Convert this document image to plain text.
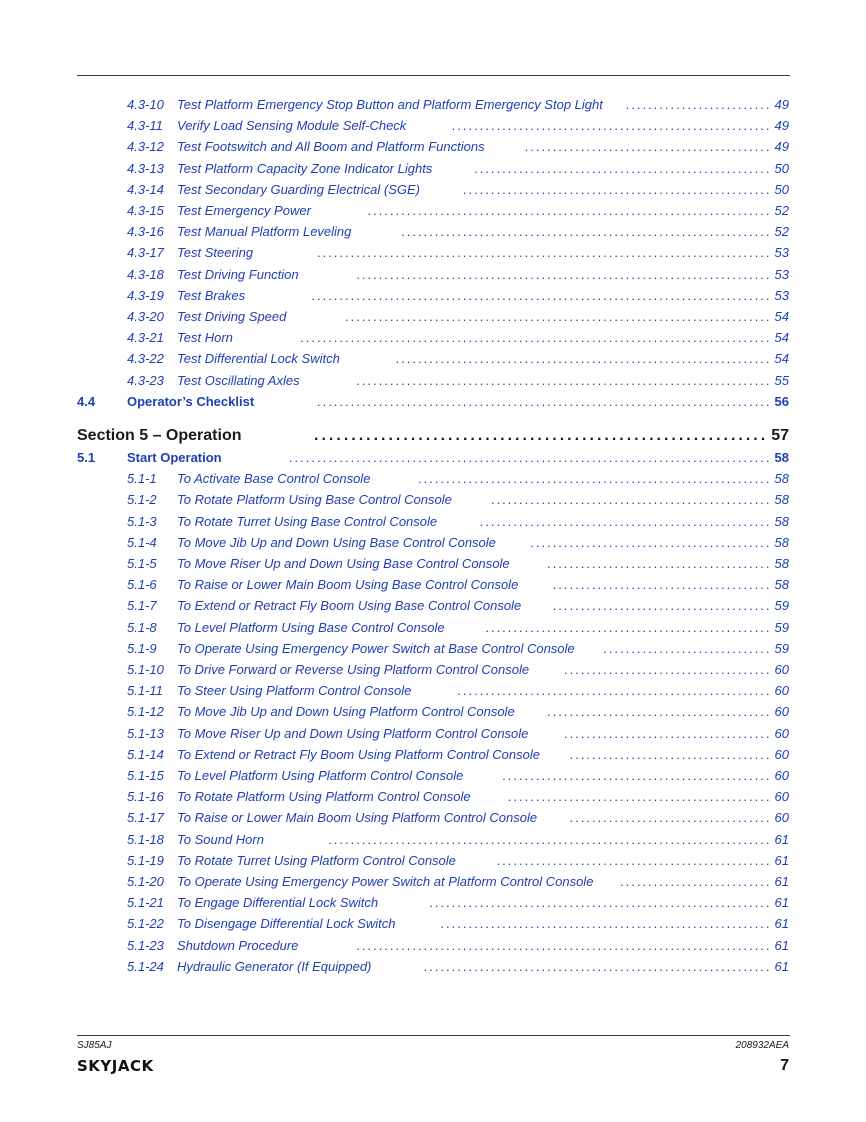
4.3-10 Test Platform Emergency Stop Button and Platform Emergency Stop Light	.......................... 49
4.3-11 Verify Load Sensing Module Self-Check	......................................................... 49
4.3-12 Test Footswitch and All Boom and Platform Functions	............................................ 49
4.3-13 Test Platform Capacity Zone Indicator Lights	..................................................... 50
4.3-14 Test Secondary Guarding Electrical (SGE)	....................................................... 50
4.3-15 Test Emergency Power	........................................................................ 52
4.3-16 Test Manual Platform Leveling	.................................................................. 52
4.3-17 Test Steering	................................................................................. 53
4.3-18 Test Driving Function	.......................................................................... 53
4.3-19 Test Brakes	.................................................................................. 53
4.3-20 Test Driving Speed	............................................................................ 54
4.3-21 Test Horn	.................................................................................... 54
4.3-22 Test Differential Lock Switch	................................................................... 54
4.3-23 Test Oscillating Axles	.......................................................................... 55
4.4 Operator’s Checklist	................................................................................. 56
Section 5 – Operation	............................................................. 57
5.1 Start Operation	...................................................................................... 58
5.1-1 To Activate Base Control Console	............................................................... 58
5.1-2 To Rotate Platform Using Base Control Console	.................................................. 58
5.1-3 To Rotate Turret Using Base Control Console	.................................................... 58
5.1-4 To Move Jib Up and Down Using Base Control Console	........................................... 58
5.1-5 To Move Riser Up and Down Using Base Control Console	........................................ 58
5.1-6 To Raise or Lower Main Boom Using Base Control Console	....................................... 58
5.1-7 To Extend or Retract Fly Boom Using Base Control Console	....................................... 59
5.1-8 To Level Platform Using Base Control Console	................................................... 59
5.1-9 To Operate Using Emergency Power Switch at Base Control Console	.............................. 59
5.1-10 To Drive Forward or Reverse Using Platform Control Console	..................................... 60
5.1-11 To Steer Using Platform Control Console	........................................................ 60
5.1-12 To Move Jib Up and Down Using Platform Control Console	........................................ 60
5.1-13 To Move Riser Up and Down Using Platform Control Console	..................................... 60
5.1-14 To Extend or Retract Fly Boom Using Platform Control Console	.................................... 60
5.1-15 To Level Platform Using Platform Control Console	................................................ 60
5.1-16 To Rotate Platform Using Platform Control Console	............................................... 60
5.1-17 To Raise or Lower Main Boom Using Platform Control Console	.................................... 60
5.1-18 To Sound Horn	............................................................................... 61
5.1-19 To Rotate Turret Using Platform Control Console	................................................. 61
5.1-20 To Operate Using Emergency Power Switch at Platform Control Console	........................... 61
5.1-21 To Engage Differential Lock Switch	............................................................. 61
5.1-22 To Disengage Differential Lock Switch	........................................................... 61
5.1-23 Shutdown Procedure	.......................................................................... 61
5.1-24 Hydraulic Generator (If Equipped)	.............................................................. 61
SJ85AJ	208932AEA
SKYJACK	7
